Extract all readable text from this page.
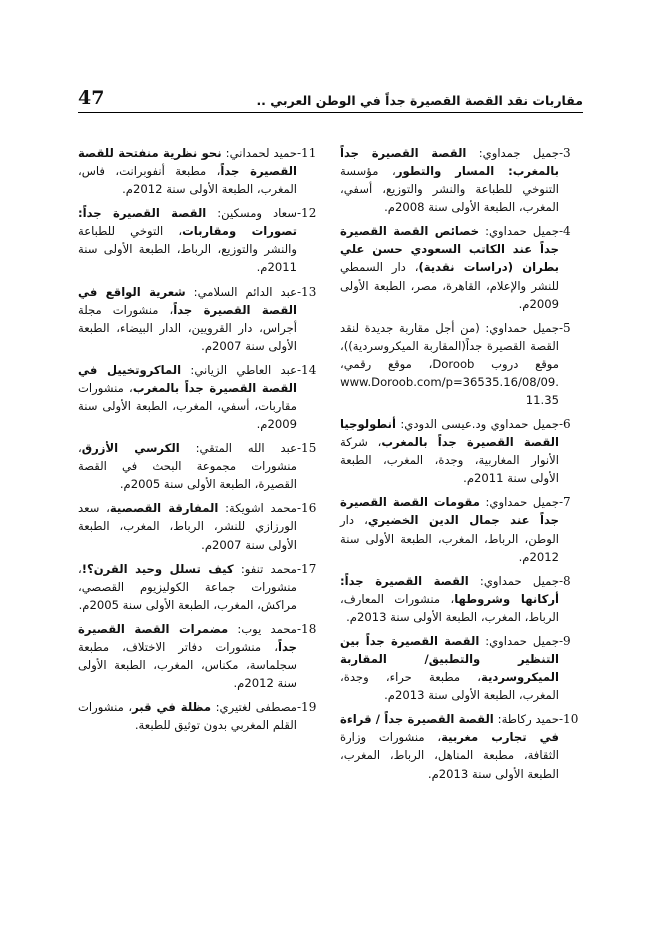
47	مقاربات نقد القصة القصيرة جداً في الوطن العربي ..
-3
جميل جمداوي: القصة القصيرة جداً بالمغرب: المسار والتطور، مؤسسة التنوخي للطباعة والنشر والتوزيع، أسفي، المغرب، الطبعة الأولى سنة 2008م.
-4
جميل حمداوي: خصائص القصة القصيرة جداً عند الكاتب السعودي حسن علي بطران (دراسات نقدية)، دار السمطي للنشر والإعلام، القاهرة، مصر، الطبعة الأولى 2009م.
-5
جميل حمداوي: (من أجل مقاربة جديدة لنقد القصة القصيرة جداً(المقاربة الميكروسردية))، موقع دروب Doroob، موقع رقمي، www.Doroob.com/p=36535.16/08/09.11.35
-6
جميل حمداوي ود.عيسى الدودي: أنطولوجيا القصة القصيرة جداً بالمغرب، شركة الأنوار المغاربية، وجدة، المغرب، الطبعة الأولى سنة 2011م.
-7
جميل حمداوي: مقومات القصة القصيرة جداً عند جمال الدين الخضيري، دار الوطن، الرباط، المغرب، الطبعة الأولى سنة 2012م.
-8
جميل حمداوي: القصة القصيرة جداً: أركانها وشروطها، منشورات المعارف، الرباط، المغرب، الطبعة الأولى سنة 2013م.
-9
جميل حمداوي: القصة القصيرة جداً بين التنظير والتطبيق/ المقاربة الميكروسردية، مطبعة حراء، وجدة، المغرب، الطبعة الأولى سنة 2013م.
-10
حميد ركاطة: القصة القصيرة جداً / قراءة في تجارب مغربية، منشورات وزارة الثقافة، مطبعة المناهل، الرباط، المغرب، الطبعة الأولى سنة 2013م.
-11
حميد لحمداني: نحو نظرية منفتحة للقصة القصيرة جداً، مطبعة أنفوبرانت، فاس، المغرب، الطبعة الأولى سنة 2012م.
-12
سعاد ومسكين: القصة القصيرة جداً: تصورات ومقاربات، التوخي للطباعة والنشر والتوزيع، الرباط، الطبعة الأولى سنة 2011م.
-13
عبد الدائم السلامي: شعرية الواقع في القصة القصيرة جداً، منشورات مجلة أجراس، دار القرويين، الدار البيضاء، الطبعة الأولى سنة 2007م.
-14
عبد العاطي الزياني: الماكروتخييل في القصة القصيرة جداً بالمغرب، منشورات مقاربات، أسفي، المغرب، الطبعة الأولى سنة 2009م.
-15
عبد الله المتقي: الكرسي الأزرق، منشورات مجموعة البحث في القصة القصيرة، الطبعة الأولى سنة 2005م.
-16
محمد اشويكة: المفارقة القصصية، سعد الورزازي للنشر، الرباط، المغرب، الطبعة الأولى سنة 2007م.
-17
محمد تنفو: كيف تسلل وحيد القرن؟!، منشورات جماعة الكوليزيوم القصصي، مراكش، المغرب، الطبعة الأولى سنة 2005م.
-18
محمد يوب: مضمرات القصة القصيرة جداً، منشورات دفاتر الاختلاف، مطبعة سجلماسة، مكناس، المغرب، الطبعة الأولى سنة 2012م.
-19
مصطفى لغتيري: مظلة في قبر، منشورات القلم المغربي بدون توثيق للطبعة.
